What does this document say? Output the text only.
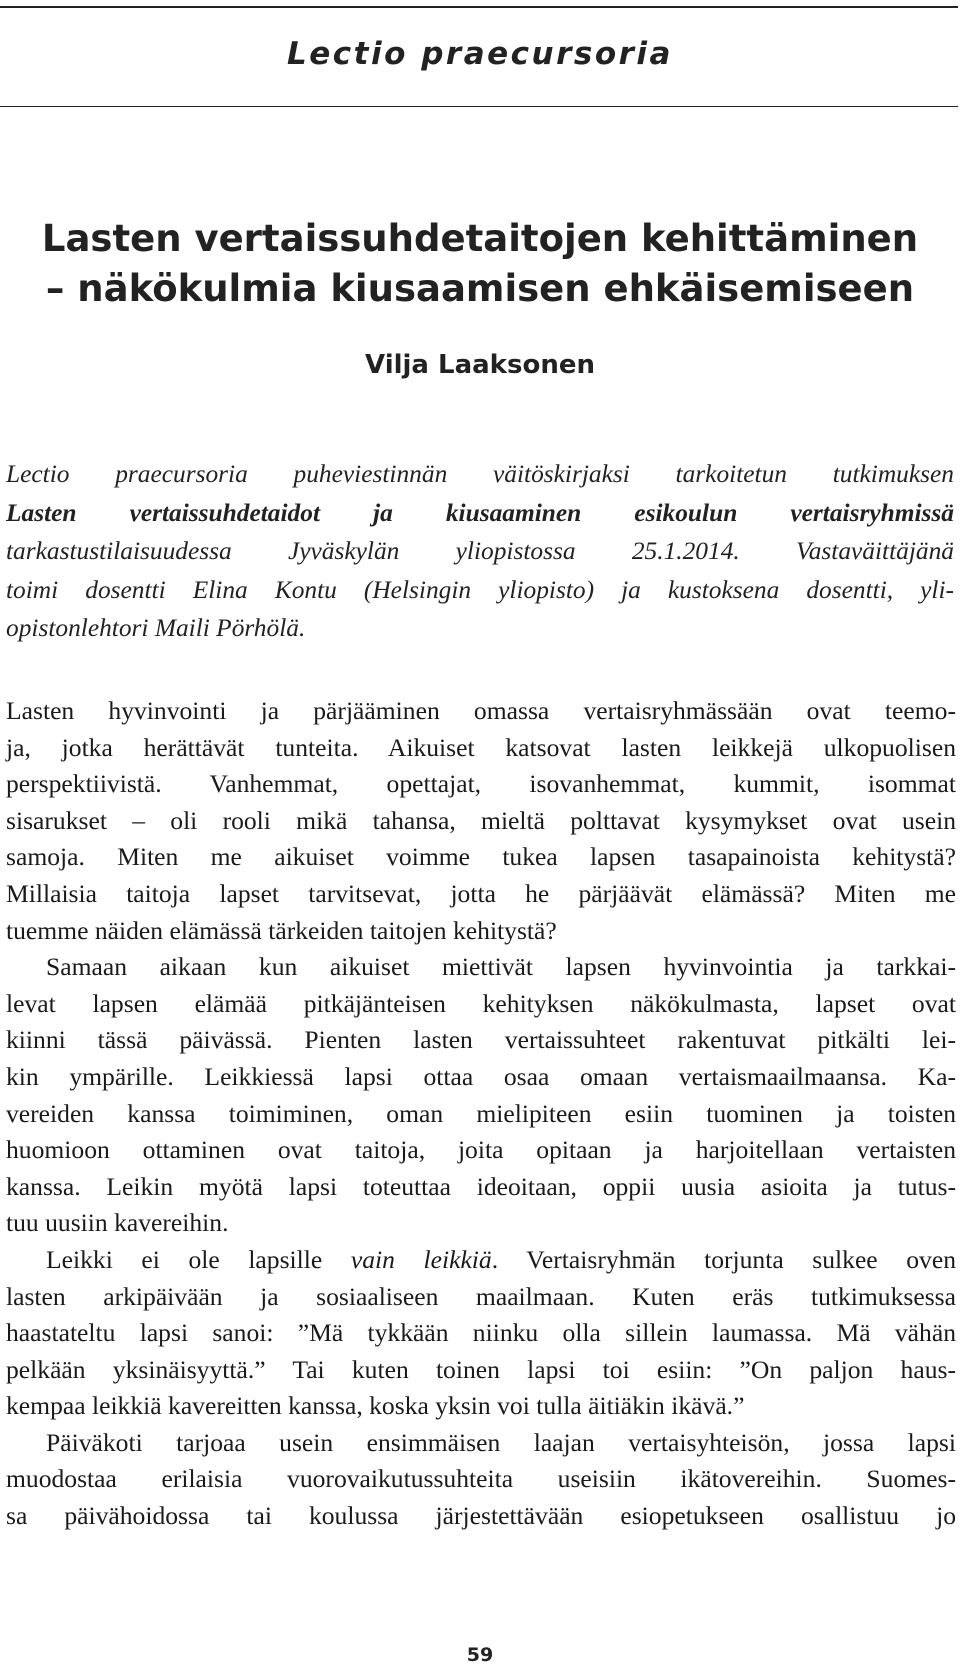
Lectio praecursoria
Lasten vertaissuhdetaitojen kehittäminen
– näkökulmia kiusaamisen ehkäisemiseen
Vilja Laaksonen
Lectio praecursoria puheviestinnän väitöskirjaksi tarkoitetun tutkimuksen
Lasten vertaissuhdetaidot ja kiusaaminen esikoulun vertaisryhmissä
tarkastustilaisuudessa Jyväskylän yliopistossa 25.1.2014. Vastaväittäjänä
toimi dosentti Elina Kontu (Helsingin yliopisto) ja kustoksena dosentti, yli-
opistonlehtori Maili Pörhölä.
Lasten hyvinvointi ja pärjääminen omassa vertaisryhmässään ovat teemo-
ja, jotka herättävät tunteita. Aikuiset katsovat lasten leikkejä ulkopuolisen
perspektiivistä. Vanhemmat, opettajat, isovanhemmat, kummit, isommat
sisarukset – oli rooli mikä tahansa, mieltä polttavat kysymykset ovat usein
samoja. Miten me aikuiset voimme tukea lapsen tasapainoista kehitystä?
Millaisia taitoja lapset tarvitsevat, jotta he pärjäävät elämässä? Miten me
tuemme näiden elämässä tärkeiden taitojen kehitystä?
Samaan aikaan kun aikuiset miettivät lapsen hyvinvointia ja tarkkai-
levat lapsen elämää pitkäjänteisen kehityksen näkökulmasta, lapset ovat
kiinni tässä päivässä. Pienten lasten vertaissuhteet rakentuvat pitkälti lei-
kin ympärille. Leikkiessä lapsi ottaa osaa omaan vertaismaailmaansa. Ka-
vereiden kanssa toimiminen, oman mielipiteen esiin tuominen ja toisten
huomioon ottaminen ovat taitoja, joita opitaan ja harjoitellaan vertaisten
kanssa. Leikin myötä lapsi toteuttaa ideoitaan, oppii uusia asioita ja tutus-
tuu uusiin kavereihin.
Leikki ei ole lapsille vain leikkiä. Vertaisryhmän torjunta sulkee oven
lasten arkipäivään ja sosiaaliseen maailmaan. Kuten eräs tutkimuksessa
haastateltu lapsi sanoi: ”Mä tykkään niinku olla sillein laumassa. Mä vähän
pelkään yksinäisyyttä.” Tai kuten toinen lapsi toi esiin: ”On paljon haus-
kempaa leikkiä kavereitten kanssa, koska yksin voi tulla äitiäkin ikävä.”
Päiväkoti tarjoaa usein ensimmäisen laajan vertaisyhteisön, jossa lapsi
muodostaa erilaisia vuorovaikutussuhteita useisiin ikätovereihin. Suomes-
sa päivähoidossa tai koulussa järjestettävään esiopetukseen osallistuu jo
59
